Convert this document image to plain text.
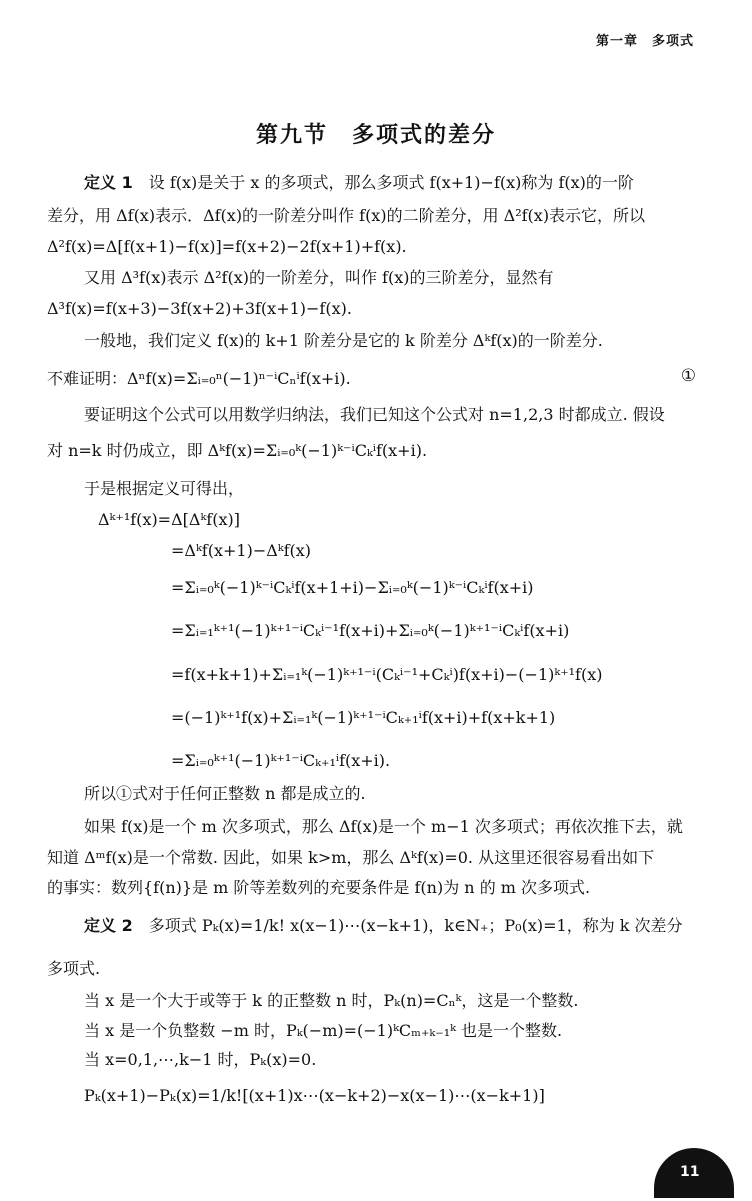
第一章　多项式
第九节　多项式的差分
定义 1　 设 f(x)是关于 x 的多项式，那么多项式 f(x+1)−f(x)称为 f(x)的一阶
差分，用 Δf(x)表示．Δf(x)的一阶差分叫作 f(x)的二阶差分，用 Δ²f(x)表示它，所以
Δ²f(x)=Δ[f(x+1)−f(x)]=f(x+2)−2f(x+1)+f(x).
又用 Δ³f(x)表示 Δ²f(x)的一阶差分，叫作 f(x)的三阶差分，显然有
Δ³f(x)=f(x+3)−3f(x+2)+3f(x+1)−f(x).
一般地，我们定义 f(x)的 k+1 阶差分是它的 k 阶差分 Δᵏf(x)的一阶差分.
不难证明：Δⁿf(x)=Σᵢ₌₀ⁿ(−1)ⁿ⁻ⁱCₙⁱf(x+i).	①
要证明这个公式可以用数学归纳法，我们已知这个公式对 n=1,2,3 时都成立. 假设
对 n=k 时仍成立，即 Δᵏf(x)=Σᵢ₌₀ᵏ(−1)ᵏ⁻ⁱCₖⁱf(x+i).
于是根据定义可得出，
Δᵏ⁺¹f(x)=Δ[Δᵏf(x)]
=Δᵏf(x+1)−Δᵏf(x)
=Σᵢ₌₀ᵏ(−1)ᵏ⁻ⁱCₖⁱf(x+1+i)−Σᵢ₌₀ᵏ(−1)ᵏ⁻ⁱCₖⁱf(x+i)
=Σᵢ₌₁ᵏ⁺¹(−1)ᵏ⁺¹⁻ⁱCₖⁱ⁻¹f(x+i)+Σᵢ₌₀ᵏ(−1)ᵏ⁺¹⁻ⁱCₖⁱf(x+i)
=f(x+k+1)+Σᵢ₌₁ᵏ(−1)ᵏ⁺¹⁻ⁱ(Cₖⁱ⁻¹+Cₖⁱ)f(x+i)−(−1)ᵏ⁺¹f(x)
=(−1)ᵏ⁺¹f(x)+Σᵢ₌₁ᵏ(−1)ᵏ⁺¹⁻ⁱCₖ₊₁ⁱf(x+i)+f(x+k+1)
=Σᵢ₌₀ᵏ⁺¹(−1)ᵏ⁺¹⁻ⁱCₖ₊₁ⁱf(x+i).
所以①式对于任何正整数 n 都是成立的.
如果 f(x)是一个 m 次多项式，那么 Δf(x)是一个 m−1 次多项式；再依次推下去，就
知道 Δᵐf(x)是一个常数. 因此，如果 k>m，那么 Δᵏf(x)=0. 从这里还很容易看出如下
的事实：数列{f(n)}是 m 阶等差数列的充要条件是 f(n)为 n 的 m 次多项式.
定义 2　 多项式 Pₖ(x)=1/k! x(x−1)⋯(x−k+1)，k∈N₊；P₀(x)=1，称为 k 次差分
多项式.
当 x 是一个大于或等于 k 的正整数 n 时，Pₖ(n)=Cₙᵏ，这是一个整数.
当 x 是一个负整数 −m 时，Pₖ(−m)=(−1)ᵏCₘ₊ₖ₋₁ᵏ 也是一个整数.
当 x=0,1,⋯,k−1 时，Pₖ(x)=0.
Pₖ(x+1)−Pₖ(x)=1/k![(x+1)x⋯(x−k+2)−x(x−1)⋯(x−k+1)]
11
